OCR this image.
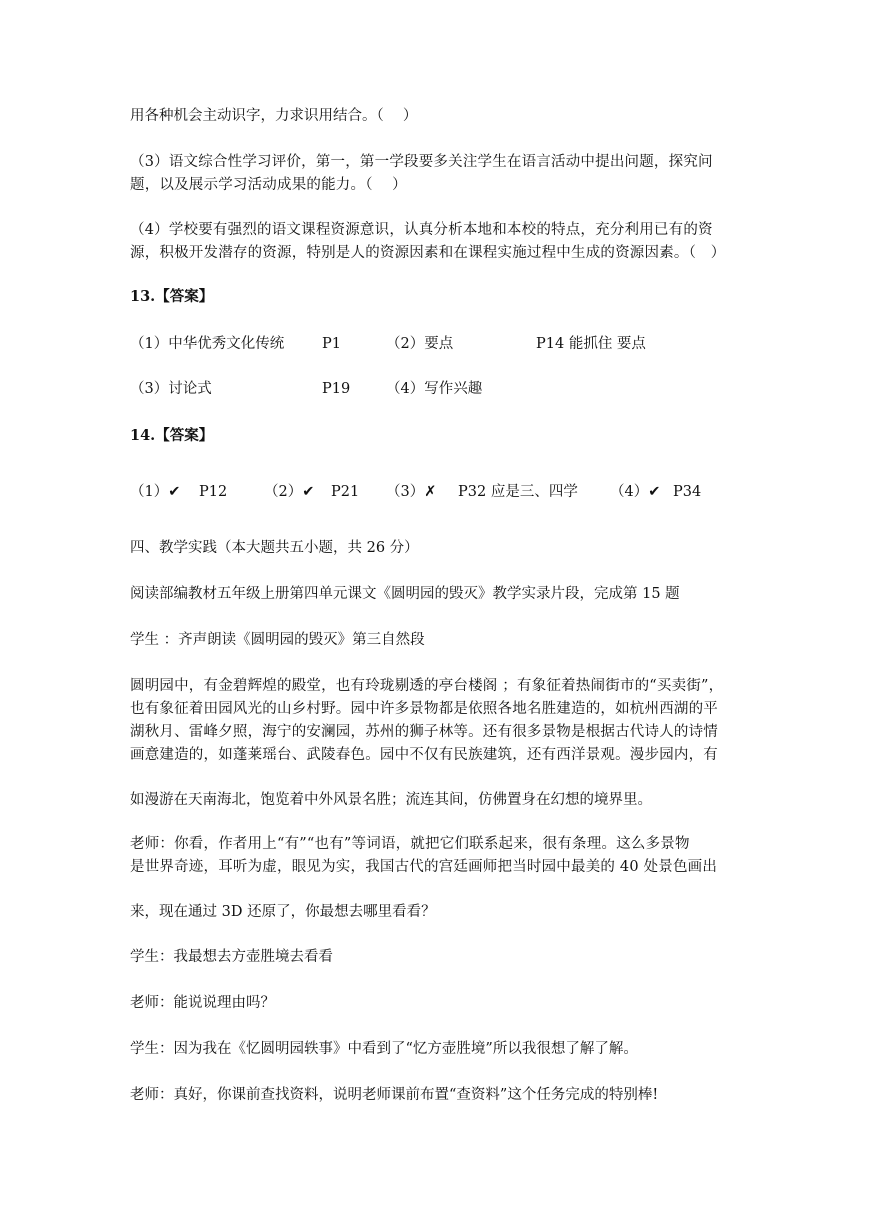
用各种机会主动识字，力求识用结合。（　 ）
（3）语文综合性学习评价，第一，第一学段要多关注学生在语言活动中提出问题，探究问
题，以及展示学习活动成果的能力。（　 ）
（4）学校要有强烈的语文课程资源意识，认真分析本地和本校的特点，充分利用已有的资
源，积极开发潜存的资源，特别是人的资源因素和在课程实施过程中生成的资源因素。（　）
13.【答案】
（1）中华优秀文化传统	P1	（2）要点	P14 能抓住 要点
（3）讨论式	P19 （4）写作兴趣
14.【答案】
（1）✔ P12	（2）✔ P21 （3）✗ P32 应是三、四学 （4）✔ P34
四、教学实践（本大题共五小题，共 26 分）
阅读部编教材五年级上册第四单元课文《圆明园的毁灭》教学实录片段，完成第 15 题
学生 ：齐声朗读《圆明园的毁灭》第三自然段
圆明园中，有金碧辉煌的殿堂，也有玲珑剔透的亭台楼阁 ；有象征着热闹街市的“买卖街”，
也有象征着田园风光的山乡村野。园中许多景物都是依照各地名胜建造的，如杭州西湖的平
湖秋月、雷峰夕照，海宁的安澜园，苏州的狮子林等。还有很多景物是根据古代诗人的诗情
画意建造的，如蓬莱瑶台、武陵春色。园中不仅有民族建筑，还有西洋景观。漫步园内，有
如漫游在天南海北，饱览着中外风景名胜；流连其间，仿佛置身在幻想的境界里。
老师：你看，作者用上“有”“也有”等词语，就把它们联系起来，很有条理。这么多景物
是世界奇迹，耳听为虚，眼见为实，我国古代的宫廷画师把当时园中最美的 40 处景色画出
来，现在通过 3D 还原了，你最想去哪里看看？
学生：我最想去方壶胜境去看看
老师：能说说理由吗？
学生：因为我在《忆圆明园轶事》中看到了“忆方壶胜境”所以我很想了解了解。
老师：真好，你课前查找资料，说明老师课前布置“查资料”这个任务完成的特别棒!
